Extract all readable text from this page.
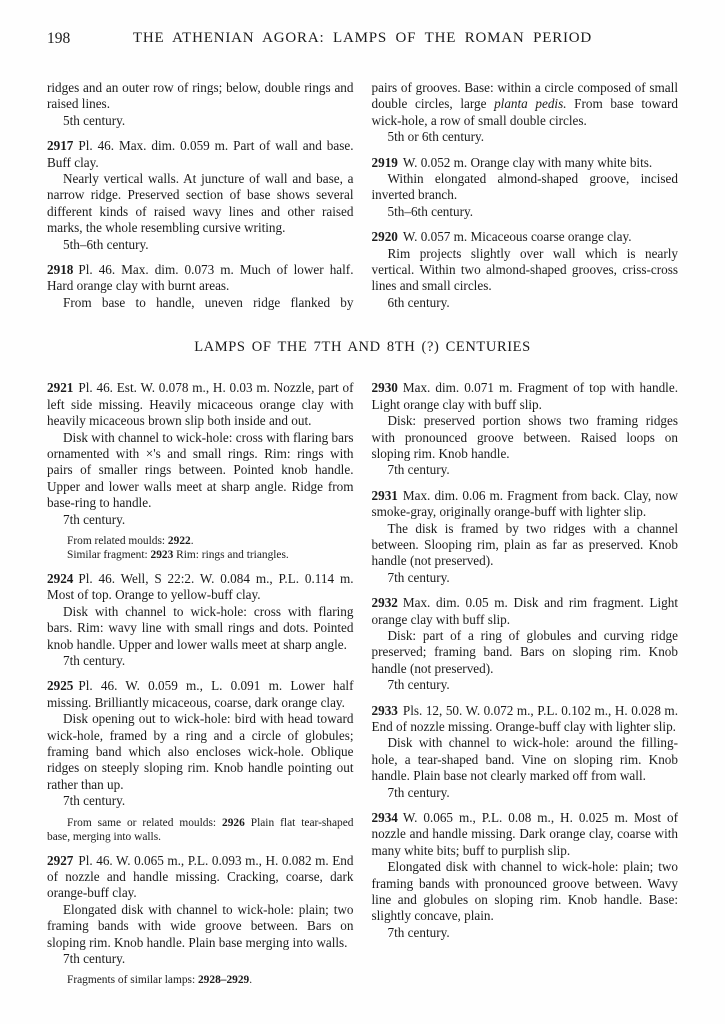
198	THE ATHENIAN AGORA: LAMPS OF THE ROMAN PERIOD

ridges and an outer row of rings; below, double rings and raised lines.

5th century.

2917 Pl. 46. Max. dim. 0.059 m. Part of wall and base. Buff clay.

Nearly vertical walls. At juncture of wall and base, a narrow ridge. Preserved section of base shows several different kinds of raised wavy lines and other raised marks, the whole resembling cursive writing.

5th–6th century.

2918 Pl. 46. Max. dim. 0.073 m. Much of lower half. Hard orange clay with burnt areas.

From base to handle, uneven ridge flanked by

pairs of grooves. Base: within a circle composed of small double circles, large planta pedis. From base toward wick-hole, a row of small double circles.

5th or 6th century.

2919 W. 0.052 m. Orange clay with many white bits.

Within elongated almond-shaped groove, incised inverted branch.

5th–6th century.

2920 W. 0.057 m. Micaceous coarse orange clay.

Rim projects slightly over wall which is nearly vertical. Within two almond-shaped grooves, criss-cross lines and small circles.

6th century.

LAMPS OF THE 7TH AND 8TH (?) CENTURIES

2921 Pl. 46. Est. W. 0.078 m., H. 0.03 m. Nozzle, part of left side missing. Heavily micaceous orange clay with heavily micaceous brown slip both inside and out.

Disk with channel to wick-hole: cross with flaring bars ornamented with ×'s and small rings. Rim: rings with pairs of smaller rings between. Pointed knob handle. Upper and lower walls meet at sharp angle. Ridge from base-ring to handle.

7th century.

From related moulds: 2922.

Similar fragment: 2923 Rim: rings and triangles.

2924 Pl. 46. Well, S 22:2. W. 0.084 m., P.L. 0.114 m. Most of top. Orange to yellow-buff clay.

Disk with channel to wick-hole: cross with flaring bars. Rim: wavy line with small rings and dots. Pointed knob handle. Upper and lower walls meet at sharp angle.

7th century.

2925 Pl. 46. W. 0.059 m., L. 0.091 m. Lower half missing. Brilliantly micaceous, coarse, dark orange clay.

Disk opening out to wick-hole: bird with head toward wick-hole, framed by a ring and a circle of globules; framing band which also encloses wick-hole. Oblique ridges on steeply sloping rim. Knob handle pointing out rather than up.

7th century.

From same or related moulds: 2926 Plain flat tear-shaped base, merging into walls.

2927 Pl. 46. W. 0.065 m., P.L. 0.093 m., H. 0.082 m. End of nozzle and handle missing. Cracking, coarse, dark orange-buff clay.

Elongated disk with channel to wick-hole: plain; two framing bands with wide groove between. Bars on sloping rim. Knob handle. Plain base merging into walls.

7th century.

Fragments of similar lamps: 2928–2929.

2930 Max. dim. 0.071 m. Fragment of top with handle. Light orange clay with buff slip.

Disk: preserved portion shows two framing ridges with pronounced groove between. Raised loops on sloping rim. Knob handle.

7th century.

2931 Max. dim. 0.06 m. Fragment from back. Clay, now smoke-gray, originally orange-buff with lighter slip.

The disk is framed by two ridges with a channel between. Slooping rim, plain as far as preserved. Knob handle (not preserved).

7th century.

2932 Max. dim. 0.05 m. Disk and rim fragment. Light orange clay with buff slip.

Disk: part of a ring of globules and curving ridge preserved; framing band. Bars on sloping rim. Knob handle (not preserved).

7th century.

2933 Pls. 12, 50. W. 0.072 m., P.L. 0.102 m., H. 0.028 m. End of nozzle missing. Orange-buff clay with lighter slip.

Disk with channel to wick-hole: around the filling-hole, a tear-shaped band. Vine on sloping rim. Knob handle. Plain base not clearly marked off from wall.

7th century.

2934 W. 0.065 m., P.L. 0.08 m., H. 0.025 m. Most of nozzle and handle missing. Dark orange clay, coarse with many white bits; buff to purplish slip.

Elongated disk with channel to wick-hole: plain; two framing bands with pronounced groove between. Wavy line and globules on sloping rim. Knob handle. Base: slightly concave, plain.

7th century.
